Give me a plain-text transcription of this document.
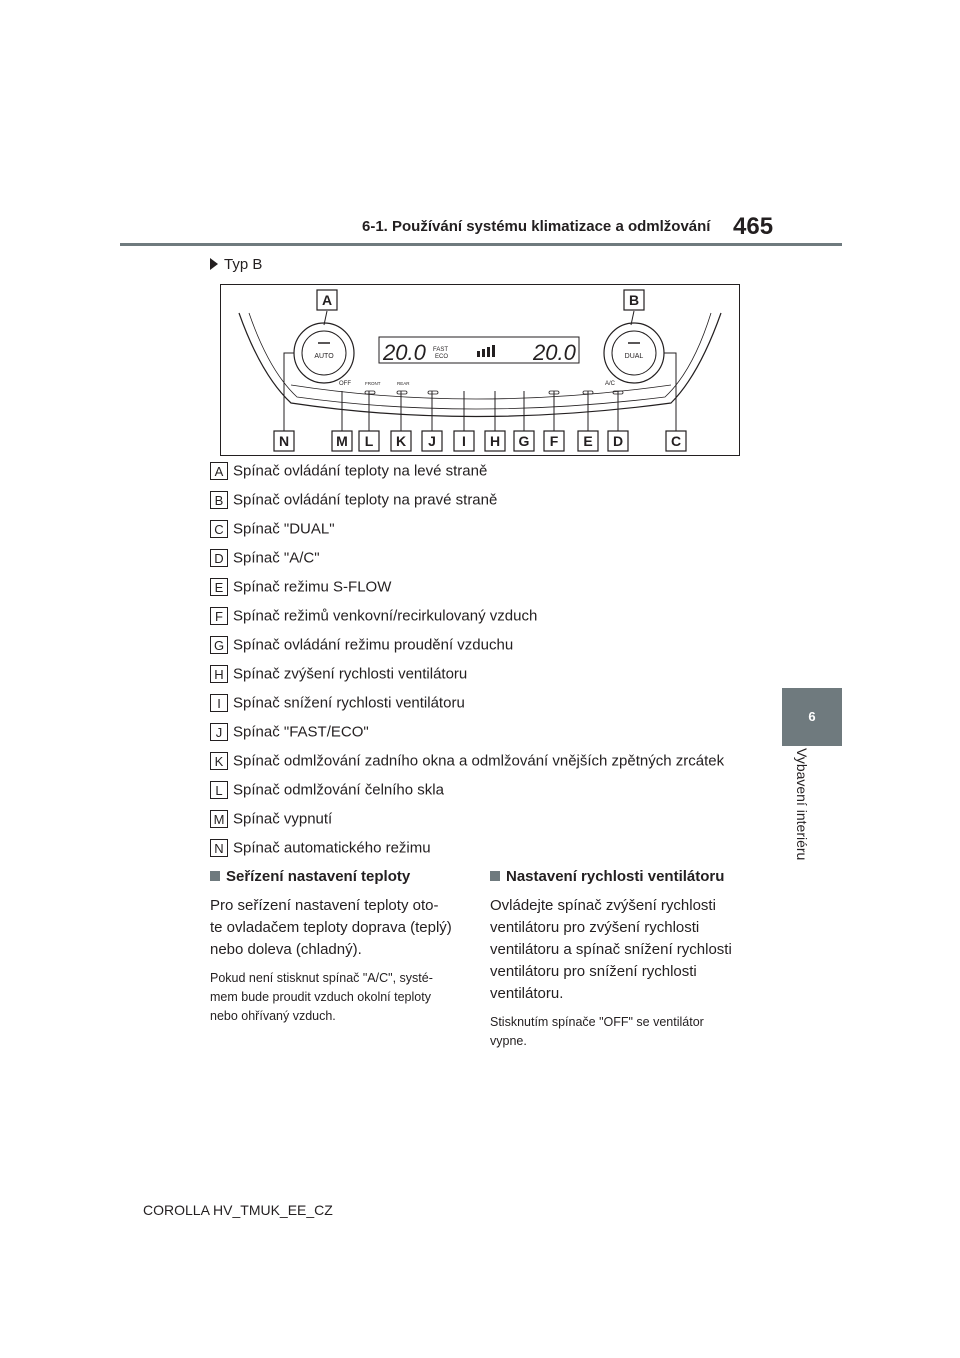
6-1. Používání systému klimatizace a odmlžování 465
6
Vybavení interiéru
Typ B
AUTO	DUAL
20.0	20.0
FAST
ECO
OFF	FRONT	REAR	A/C
A	B
N	M L K J I H G F E D	C
A Spínač ovládání teploty na levé straně
B Spínač ovládání teploty na pravé straně
C Spínač "DUAL"
D Spínač "A/C"
E Spínač režimu S-FLOW
F Spínač režimů venkovní/recirkulovaný vzduch
G Spínač ovládání režimu proudění vzduchu
H Spínač zvýšení rychlosti ventilátoru
I Spínač snížení rychlosti ventilátoru
J Spínač "FAST/ECO"
K Spínač odmlžování zadního okna a odmlžování vnějších zpětných zrcátek
L Spínač odmlžování čelního skla
M Spínač vypnutí
N Spínač automatického režimu
Seřízení nastavení teploty

Pro seřízení nastavení teploty oto-
te ovladačem teploty doprava (teplý)
nebo doleva (chladný).

Pokud není stisknut spínač "A/C", systé-
mem bude proudit vzduch okolní teploty
nebo ohřívaný vzduch.

Nastavení rychlosti ventilátoru

Ovládejte spínač zvýšení rychlosti
ventilátoru pro zvýšení rychlosti
ventilátoru a spínač snížení rychlosti
ventilátoru pro snížení rychlosti
ventilátoru.

Stisknutím spínače "OFF" se ventilátor
vypne.

COROLLA HV_TMUK_EE_CZ
